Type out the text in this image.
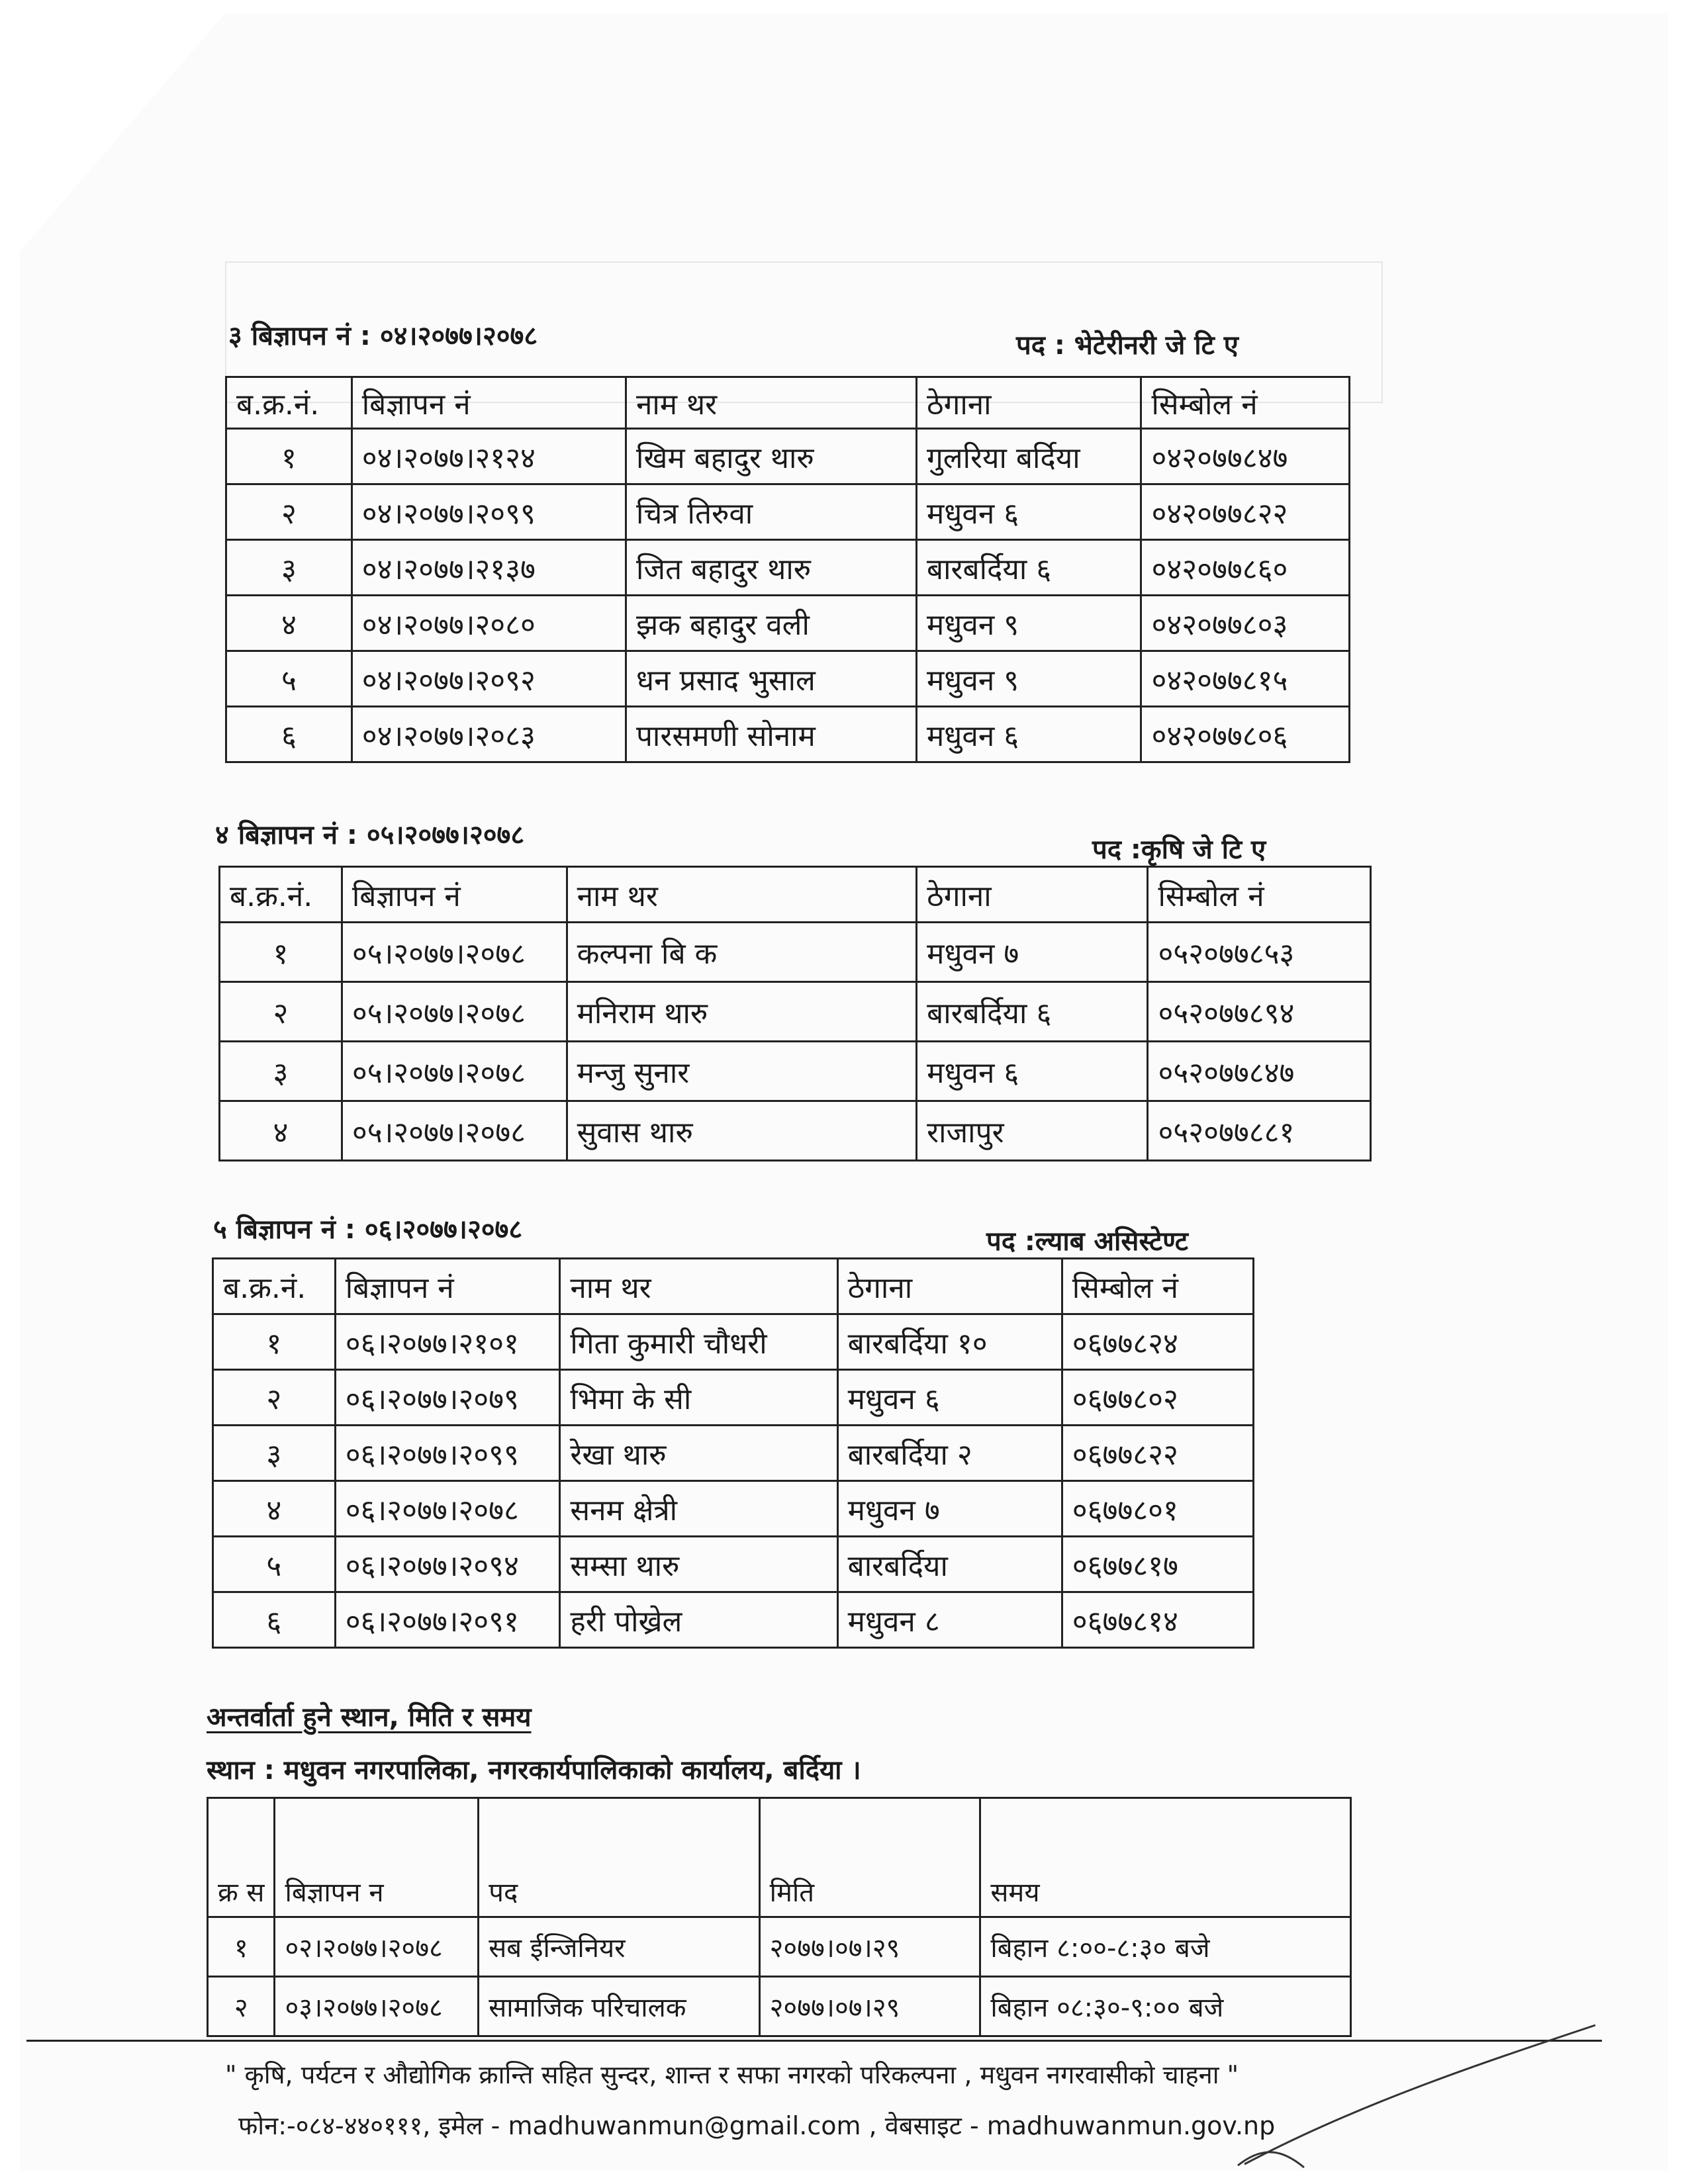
३ बिज्ञापन नं : ०४।२०७७।२०७८	पद : भेटेरीनरी जे टि ए
ब.क्र.नं.	बिज्ञापन नं	नाम थर	ठेगाना	सिम्बोल नं
१	०४।२०७७।२१२४	खिम बहादुर थारु	गुलरिया बर्दिया	०४२०७७८४७
२	०४।२०७७।२०९९	चित्र तिरुवा	मधुवन ६	०४२०७७८२२
३	०४।२०७७।२१३७	जित बहादुर थारु	बारबर्दिया ६	०४२०७७८६०
४	०४।२०७७।२०८०	झक बहादुर वली	मधुवन ९	०४२०७७८०३
५	०४।२०७७।२०९२	धन प्रसाद भुसाल	मधुवन ९	०४२०७७८१५
६	०४।२०७७।२०८३	पारसमणी सोनाम	मधुवन ६	०४२०७७८०६
४ बिज्ञापन नं : ०५।२०७७।२०७८	पद :कृषि जे टि ए
ब.क्र.नं.	बिज्ञापन नं	नाम थर	ठेगाना	सिम्बोल नं
१	०५।२०७७।२०७८	कल्पना बि क	मधुवन ७	०५२०७७८५३
२	०५।२०७७।२०७८	मनिराम थारु	बारबर्दिया ६	०५२०७७८९४
३	०५।२०७७।२०७८	मन्जु सुनार	मधुवन ६	०५२०७७८४७
४	०५।२०७७।२०७८	सुवास थारु	राजापुर	०५२०७७८८१
५ बिज्ञापन नं : ०६।२०७७।२०७८	पद :ल्याब असिस्टेण्ट
ब.क्र.नं.	बिज्ञापन नं	नाम थर	ठेगाना	सिम्बोल नं
१	०६।२०७७।२१०१	गिता कुमारी चौधरी	बारबर्दिया १०	०६७७८२४
२	०६।२०७७।२०७९	भिमा के सी	मधुवन ६	०६७७८०२
३	०६।२०७७।२०९९	रेखा थारु	बारबर्दिया २	०६७७८२२
४	०६।२०७७।२०७८	सनम क्षेत्री	मधुवन ७	०६७७८०१
५	०६।२०७७।२०९४	सम्सा थारु	बारबर्दिया	०६७७८१७
६	०६।२०७७।२०९१	हरी पोख्रेल	मधुवन ८	०६७७८१४
अन्तर्वार्ता हुने स्थान, मिति र समय
स्थान : मधुवन नगरपालिका, नगरकार्यपालिकाको कार्यालय, बर्दिया ।
क्र स	बिज्ञापन न	पद	मिति	समय
१	०२।२०७७।२०७८	सब ईन्जिनियर	२०७७।०७।२९	बिहान ८:००-८:३० बजे
२	०३।२०७७।२०७८	सामाजिक परिचालक	२०७७।०७।२९	बिहान ०८:३०-९:०० बजे
" कृषि, पर्यटन र औद्योगिक क्रान्ति सहित सुन्दर, शान्त र सफा नगरको परिकल्पना , मधुवन नगरवासीको चाहना "
फोन:-०८४-४४०१११, इमेल - madhuwanmun@gmail.com , वेबसाइट - madhuwanmun.gov.np
